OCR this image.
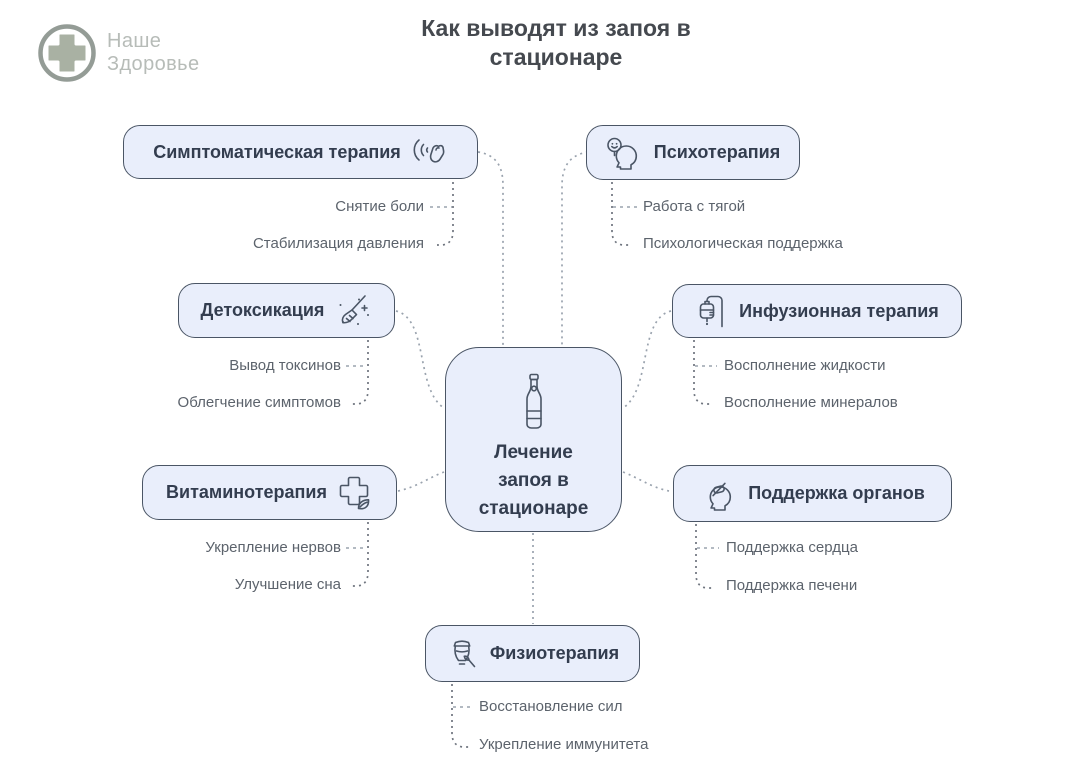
Наше
Здоровье
Как выводят из запоя в стационаре
Лечение запоя в стационаре
Симптоматическая терапия
Снятие боли
Стабилизация давления
Психотерапия
Работа с тягой
Психологическая поддержка
Детоксикация
Вывод токсинов
Облегчение симптомов
Инфузионная терапия
Восполнение жидкости
Восполнение минералов
Витаминотерапия
Укрепление нервов
Улучшение сна
Поддержка органов
Поддержка сердца
Поддержка печени
Физиотерапия
Восстановление сил
Укрепление иммунитета
